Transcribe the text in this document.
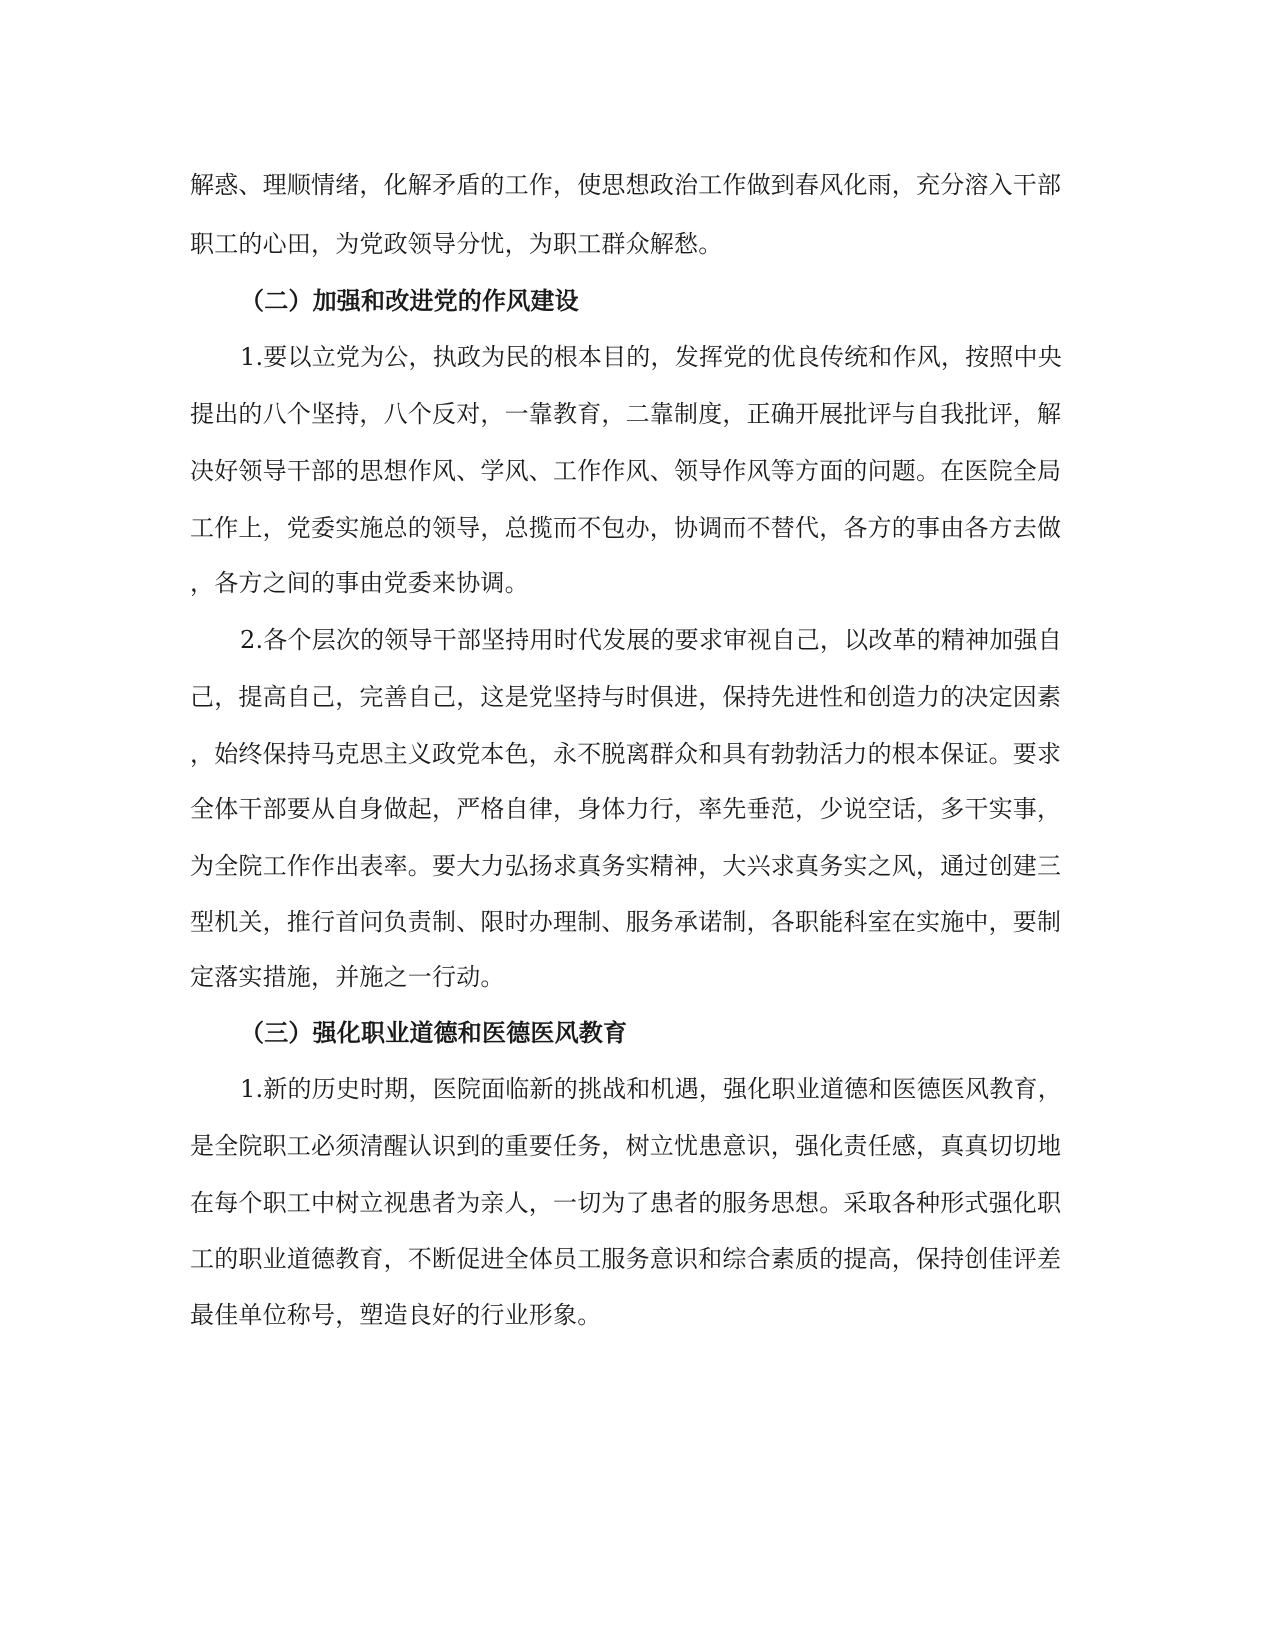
解惑、理顺情绪，化解矛盾的工作，使思想政治工作做到春风化雨，充分溶入干部

职工的心田，为党政领导分忧，为职工群众解愁。

（二）加强和改进党的作风建设

1.要以立党为公，执政为民的根本目的，发挥党的优良传统和作风，按照中央

提出的八个坚持，八个反对，一靠教育，二靠制度，正确开展批评与自我批评，解

决好领导干部的思想作风、学风、工作作风、领导作风等方面的问题。在医院全局

工作上，党委实施总的领导，总揽而不包办，协调而不替代，各方的事由各方去做

，各方之间的事由党委来协调。

2.各个层次的领导干部坚持用时代发展的要求审视自己，以改革的精神加强自

己，提高自己，完善自己，这是党坚持与时俱进，保持先进性和创造力的决定因素

，始终保持马克思主义政党本色，永不脱离群众和具有勃勃活力的根本保证。要求

全体干部要从自身做起，严格自律，身体力行，率先垂范，少说空话，多干实事，

为全院工作作出表率。要大力弘扬求真务实精神，大兴求真务实之风，通过创建三

型机关，推行首问负责制、限时办理制、服务承诺制，各职能科室在实施中，要制

定落实措施，并施之一行动。

（三）强化职业道德和医德医风教育

1.新的历史时期，医院面临新的挑战和机遇，强化职业道德和医德医风教育，

是全院职工必须清醒认识到的重要任务，树立忧患意识，强化责任感，真真切切地

在每个职工中树立视患者为亲人，一切为了患者的服务思想。采取各种形式强化职

工的职业道德教育，不断促进全体员工服务意识和综合素质的提高，保持创佳评差

最佳单位称号，塑造良好的行业形象。
